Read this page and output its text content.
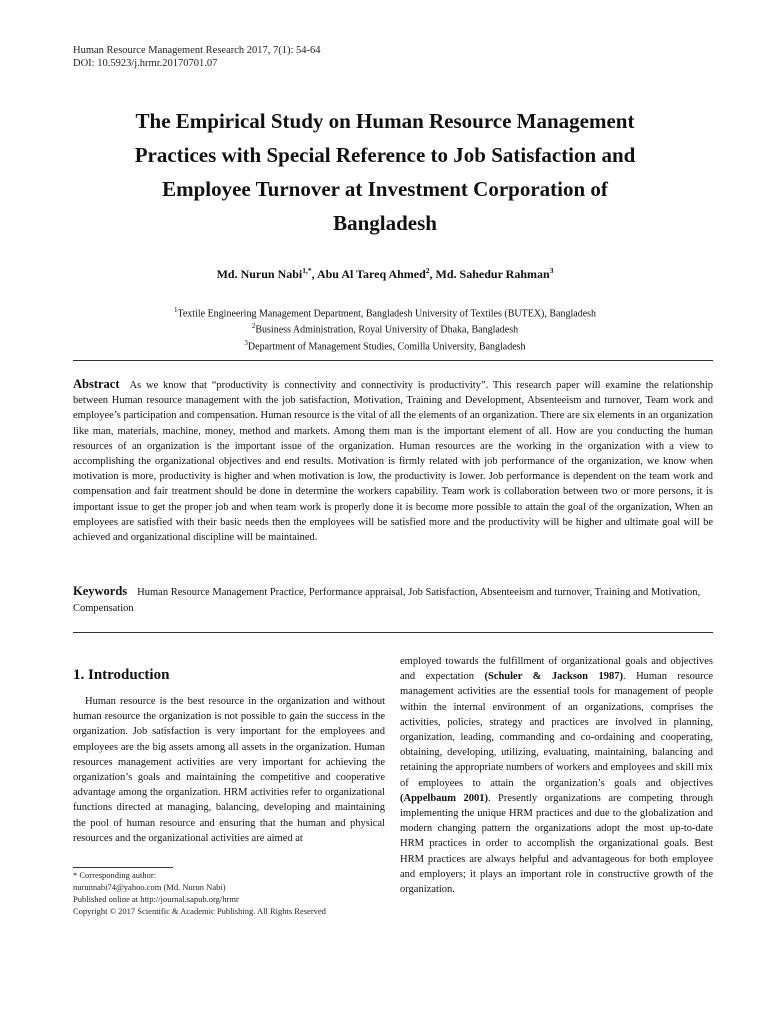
Human Resource Management Research 2017, 7(1): 54-64
DOI: 10.5923/j.hrmr.20170701.07
The Empirical Study on Human Resource Management
Practices with Special Reference to Job Satisfaction and
Employee Turnover at Investment Corporation of
Bangladesh
Md. Nurun Nabi$^{1,*}$, Abu Al Tareq Ahmed$^2$, Md. Sahedur Rahman$^3$
$^1$Textile Engineering Management Department, Bangladesh University of Textiles (BUTEX), Bangladesh
$^2$Business Administration, Royal University of Dhaka, Bangladesh
$^3$Department of Management Studies, Comilla University, Bangladesh

Abstract As we know that “productivity is connectivity and connectivity is productivity”. This research paper will examine the relationship between Human resource management with the job satisfaction, Motivation, Training and Development, Absenteeism and turnover, Team work and employee’s participation and compensation. Human resource is the vital of all the elements of an organization. There are six elements in an organization like man, materials, machine, money, method and markets. Among them man is the important element of all. How are you conducting the human resources of an organization is the important issue of the organization. Human resources are the working in the organization with a view to accomplishing the organizational objectives and end results. Motivation is firmly related with job performance of the organization, we know when motivation is more, productivity is higher and when motivation is low, the productivity is lower. Job performance is dependent on the team work and compensation and fair treatment should be done in determine the workers capability. Team work is collaboration between two or more persons, it is important issue to get the proper job and when team work is properly done it is become more possible to attain the goal of the organization, When an employees are satisfied with their basic needs then the employees will be satisfied more and the productivity will be higher and ultimate goal will be achieved and organizational discipline will be maintained.

Keywords Human Resource Management Practice, Performance appraisal, Job Satisfaction, Absenteeism and turnover, Training and Motivation, Compensation

1. Introduction

Human resource is the best resource in the organization and without human resource the organization is not possible to gain the success in the organization. Job satisfaction is very important for the employees and employees are the big assets among all assets in the organization. Human resources management activities are very important for achieving the organization’s goals and maintaining the competitive and cooperative advantage among the organization. HRM activities refer to organizational functions directed at managing, balancing, developing and maintaining the pool of human resource and ensuring that the human and physical resources and the organizational activities are aimed at

employed towards the fulfillment of organizational goals and objectives and expectation (Schuler & Jackson 1987). Human resource management activities are the essential tools for management of people within the internal environment of an organizations, comprises the activities, policies, strategy and practices are involved in planning, organization, leading, commanding and co-ordaining and cooperating, obtaining, developing, utilizing, evaluating, maintaining, balancing and retaining the appropriate numbers of workers and employees and skill mix of employees to attain the organization’s goals and objectives (Appelbaum 2001). Presently organizations are competing through implementing the unique HRM practices and due to the globalization and modern changing pattern the organizations adopt the most up-to-date HRM practices in order to accomplish the organizational goals. Best HRM practices are always helpful and advantageous for both employee and employers; it plays an important role in constructive growth of the organization.

* Corresponding author:
nurunnabi74@yahoo.com (Md. Nurun Nabi)
Published online at http://journal.sapub.org/hrmr
Copyright © 2017 Scientific & Academic Publishing. All Rights Reserved
